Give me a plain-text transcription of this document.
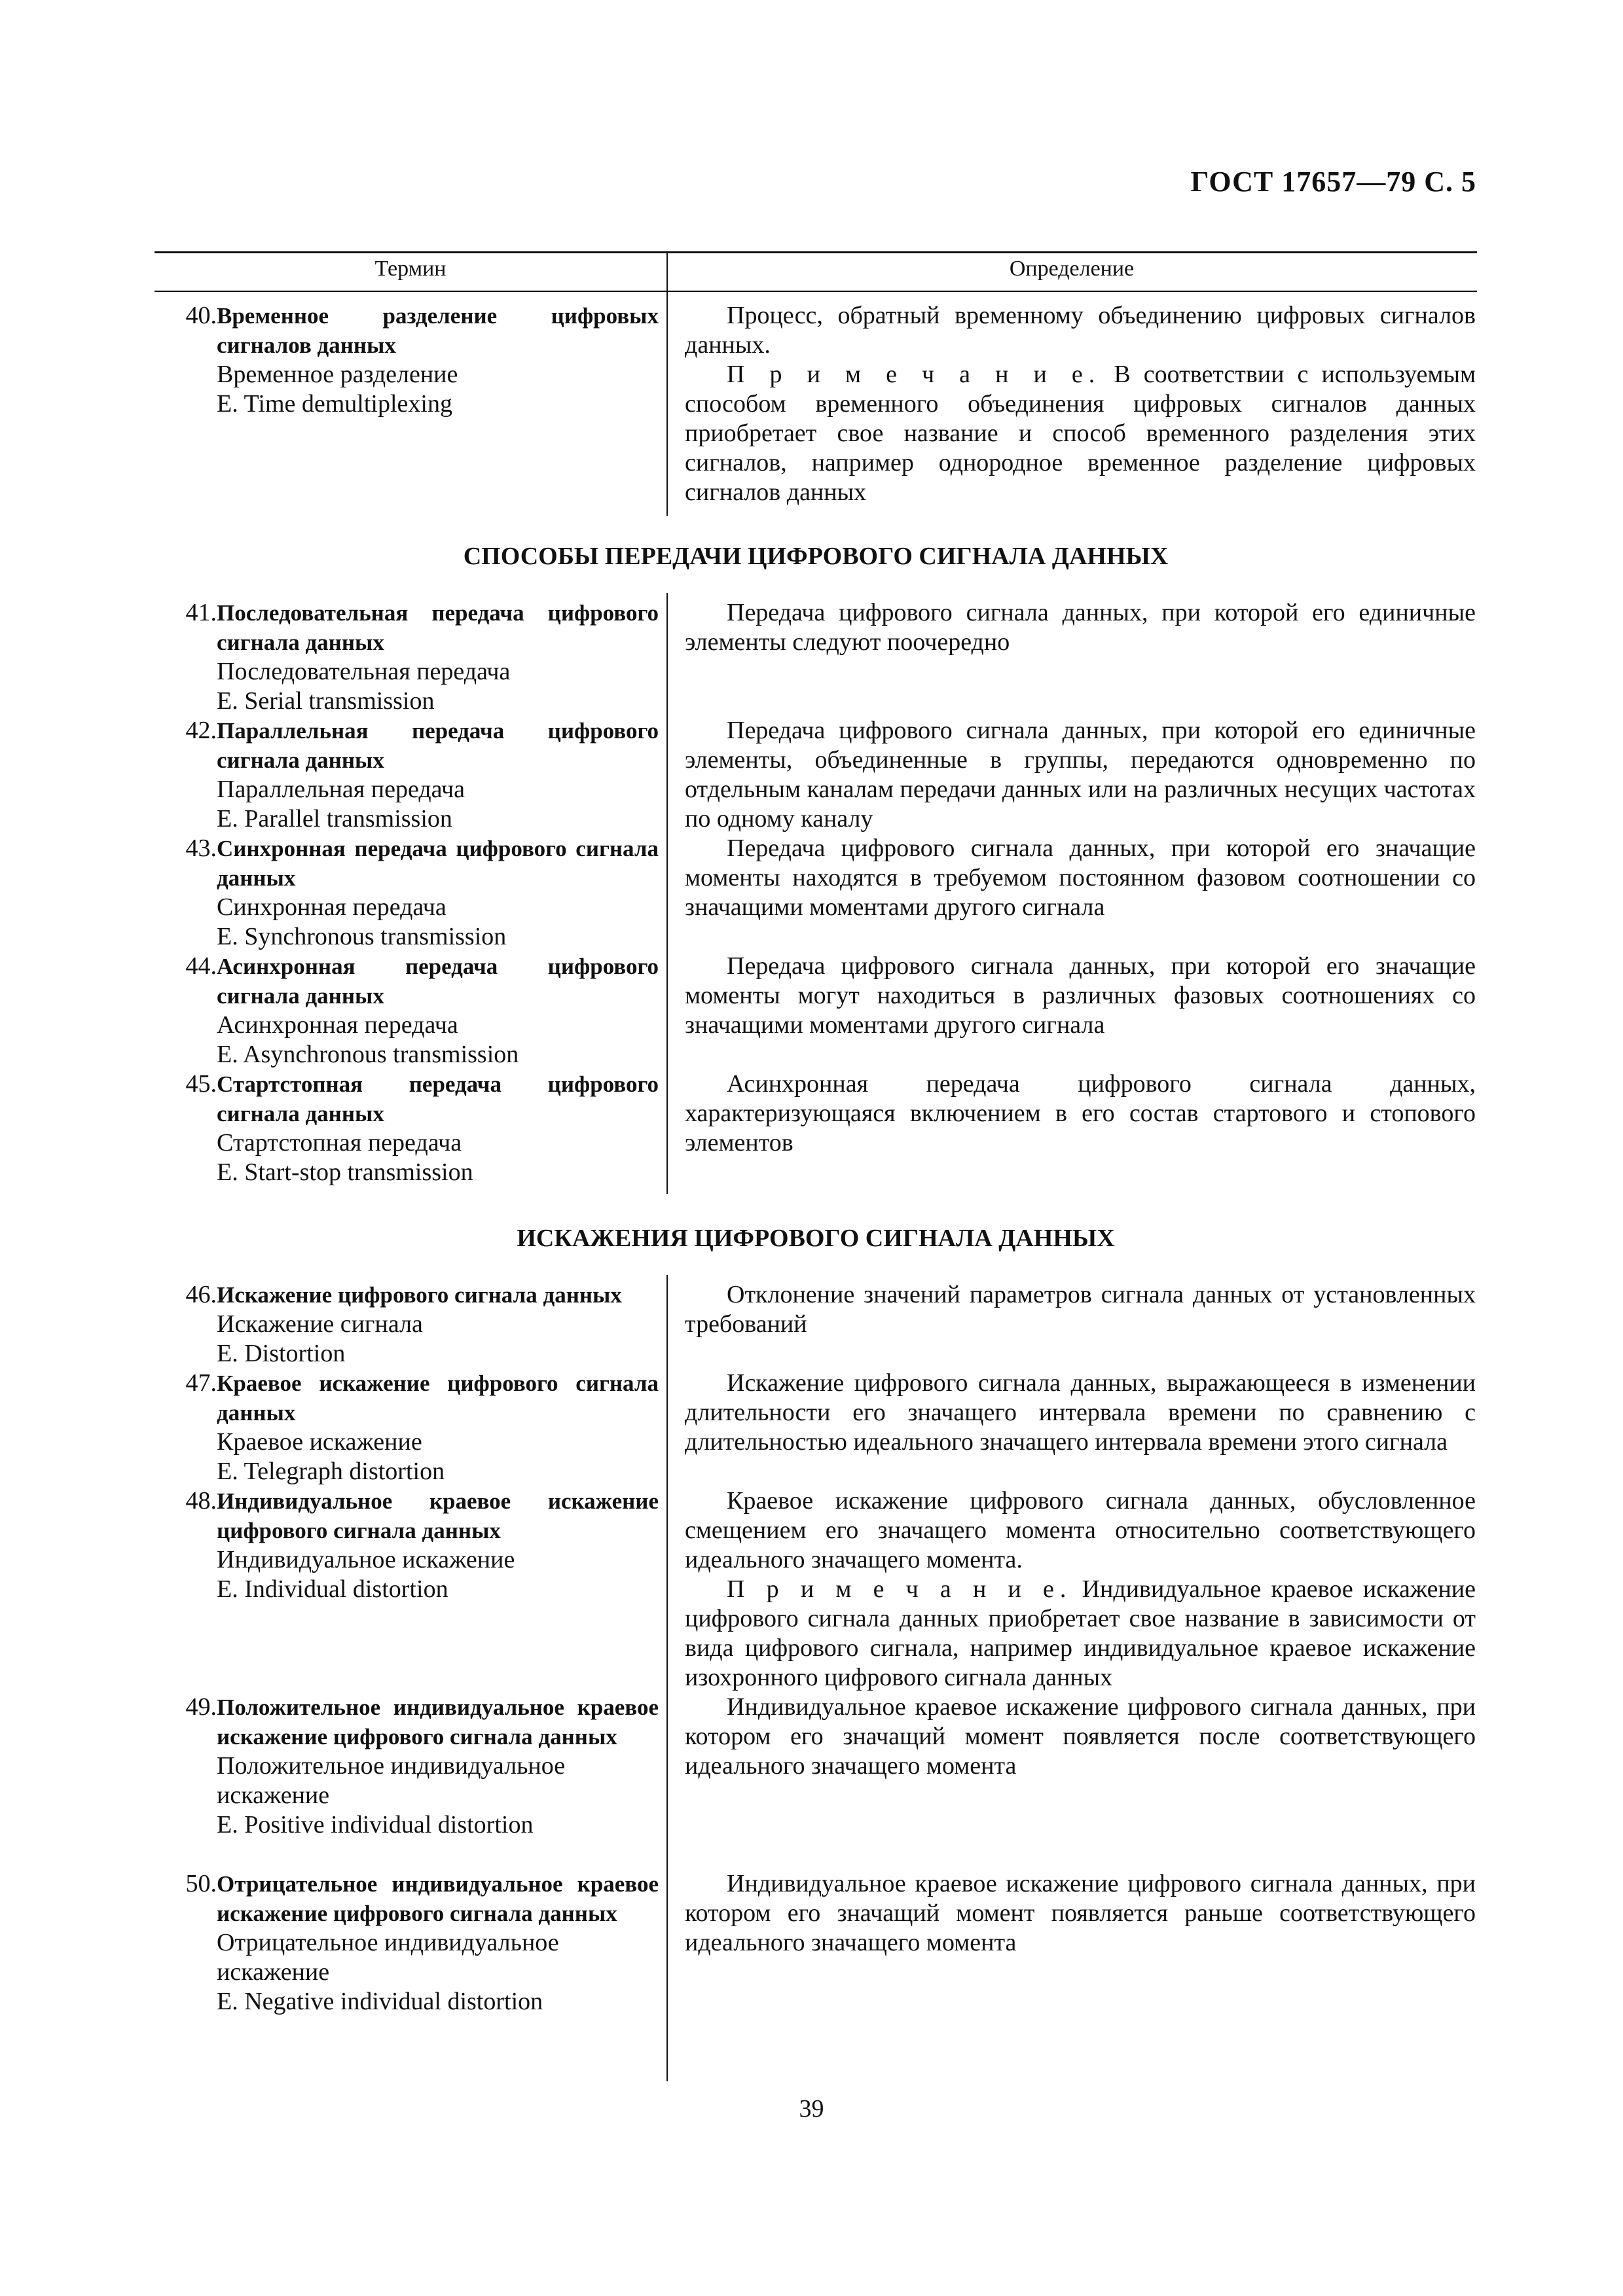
ГОСТ 17657—79 С. 5
Термин	Определение
40. Временное разделение цифровых сигналов данных
Временное разделение
E. Time demultiplexing

Процесс, обратный временному объединению цифровых сигналов данных.

П р и м е ч а н и е. В соответствии с используемым способом временного объединения цифровых сигналов данных приобретает свое название и способ временного разделения этих сигналов, например однородное временное разделение цифровых сигналов данных

СПОСОБЫ ПЕРЕДАЧИ ЦИФРОВОГО СИГНАЛА ДАННЫХ
41. Последовательная передача цифрового сигнала данных
Последовательная передача
E. Serial transmission

Передача цифрового сигнала данных, при которой его единичные элементы следуют поочередно

42. Параллельная передача цифрового сигнала данных
Параллельная передача
E. Parallel transmission

Передача цифрового сигнала данных, при которой его единичные элементы, объединенные в группы, передаются одновременно по отдельным каналам передачи данных или на различных несущих частотах по одному каналу

43. Синхронная передача цифрового сигнала данных
Синхронная передача
E. Synchronous transmission

Передача цифрового сигнала данных, при которой его значащие моменты находятся в требуемом постоянном фазовом соотношении со значащими моментами другого сигнала

44. Асинхронная передача цифрового сигнала данных
Асинхронная передача
E. Asynchronous transmission

Передача цифрового сигнала данных, при которой его значащие моменты могут находиться в различных фазовых соотношениях со значащими моментами другого сигнала

45. Стартстопная передача цифрового сигнала данных
Стартстопная передача
E. Start-stop transmission

Асинхронная передача цифрового сигнала данных, характеризующаяся включением в его состав стартового и стопового элементов

ИСКАЖЕНИЯ ЦИФРОВОГО СИГНАЛА ДАННЫХ
46. Искажение цифрового сигнала данных
Искажение сигнала
E. Distortion

Отклонение значений параметров сигнала данных от установленных требований

47. Краевое искажение цифрового сигнала данных
Краевое искажение
E. Telegraph distortion

Искажение цифрового сигнала данных, выражающееся в изменении длительности его значащего интервала времени по сравнению с длительностью идеального значащего интервала времени этого сигнала

48. Индивидуальное краевое искажение цифрового сигнала данных
Индивидуальное искажение
E. Individual distortion

Краевое искажение цифрового сигнала данных, обусловленное смещением его значащего момента относительно соответствующего идеального значащего момента.

П р и м е ч а н и е. Индивидуальное краевое искажение цифрового сигнала данных приобретает свое название в зависимости от вида цифрового сигнала, например индивидуальное краевое искажение изохронного цифрового сигнала данных

49. Положительное индивидуальное краевое искажение цифрового сигнала данных
Положительное индивидуальное искажение
E. Positive individual distortion

Индивидуальное краевое искажение цифрового сигнала данных, при котором его значащий момент появляется после соответствующего идеального значащего момента

50. Отрицательное индивидуальное краевое искажение цифрового сигнала данных
Отрицательное индивидуальное искажение
E. Negative individual distortion

Индивидуальное краевое искажение цифрового сигнала данных, при котором его значащий момент появляется раньше соответствующего идеального значащего момента

39
